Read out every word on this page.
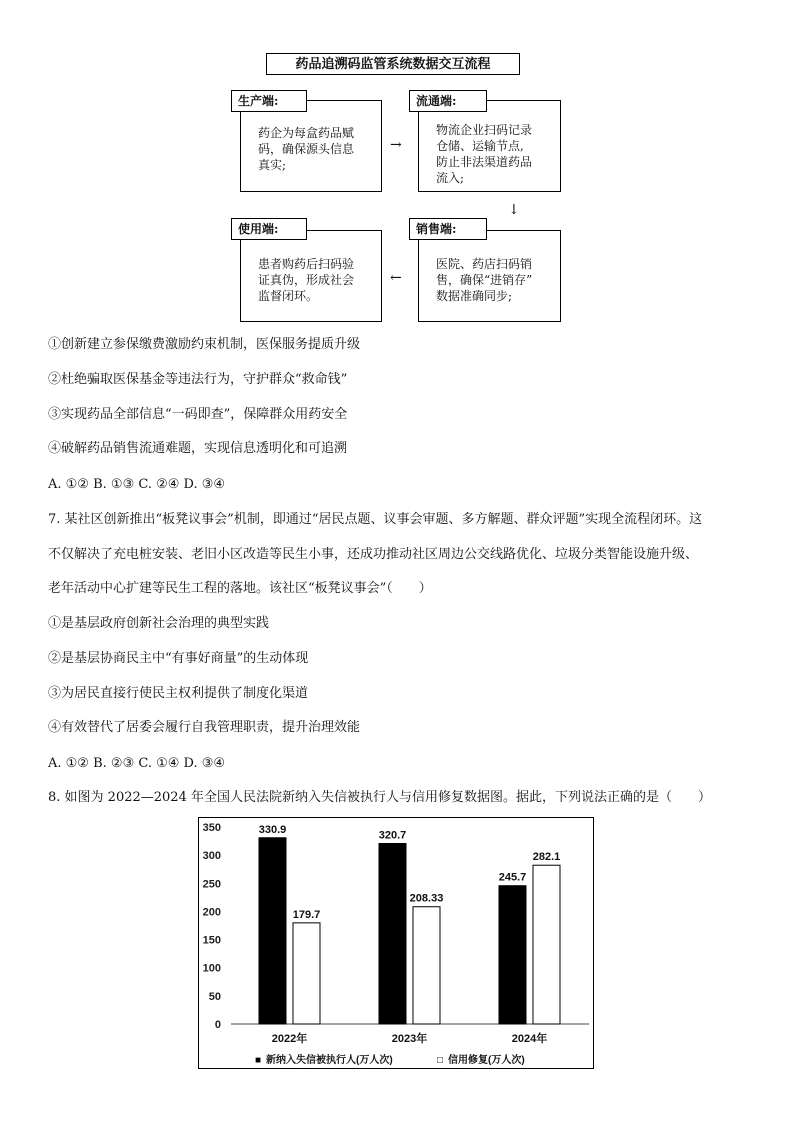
药品追溯码监管系统数据交互流程
生产端:
药企为每盒药品赋
码，确保源头信息
真实;
流通端:
物流企业扫码记录
仓储、运输节点,
防止非法渠道药品
流入;
使用端:
患者购药后扫码验
证真伪，形成社会
监督闭环。
销售端:
医院、药店扫码销
售，确保“进销存”
数据准确同步;
→
↓
←
①创新建立参保缴费激励约束机制，医保服务提质升级
②杜绝骗取医保基金等违法行为，守护群众“救命钱”
③实现药品全部信息“一码即查”，保障群众用药安全
④破解药品销售流通难题，实现信息透明化和可追溯
A. ①② B. ①③ C. ②④ D. ③④
7. 某社区创新推出“板凳议事会”机制，即通过“居民点题、议事会审题、多方解题、群众评题”实现全流程闭环。这
不仅解决了充电桩安装、老旧小区改造等民生小事，还成功推动社区周边公交线路优化、垃圾分类智能设施升级、
老年活动中心扩建等民生工程的落地。该社区“板凳议事会”（　　）
①是基层政府创新社会治理的典型实践
②是基层协商民主中“有事好商量”的生动体现
③为居民直接行使民主权利提供了制度化渠道
④有效替代了居委会履行自我管理职责，提升治理效能
A. ①② B. ②③ C. ①④ D. ③④
8. 如图为 2022—2024 年全国人民法院新纳入失信被执行人与信用修复数据图。据此，下列说法正确的是（　　）
0
50
100
150
200
250
300
350	330.9
179.7
2022年
320.7
208.33
2023年
245.7
282.1
2024年
■ 新纳入失信被执行人(万人次)	□ 信用修复(万人次)
